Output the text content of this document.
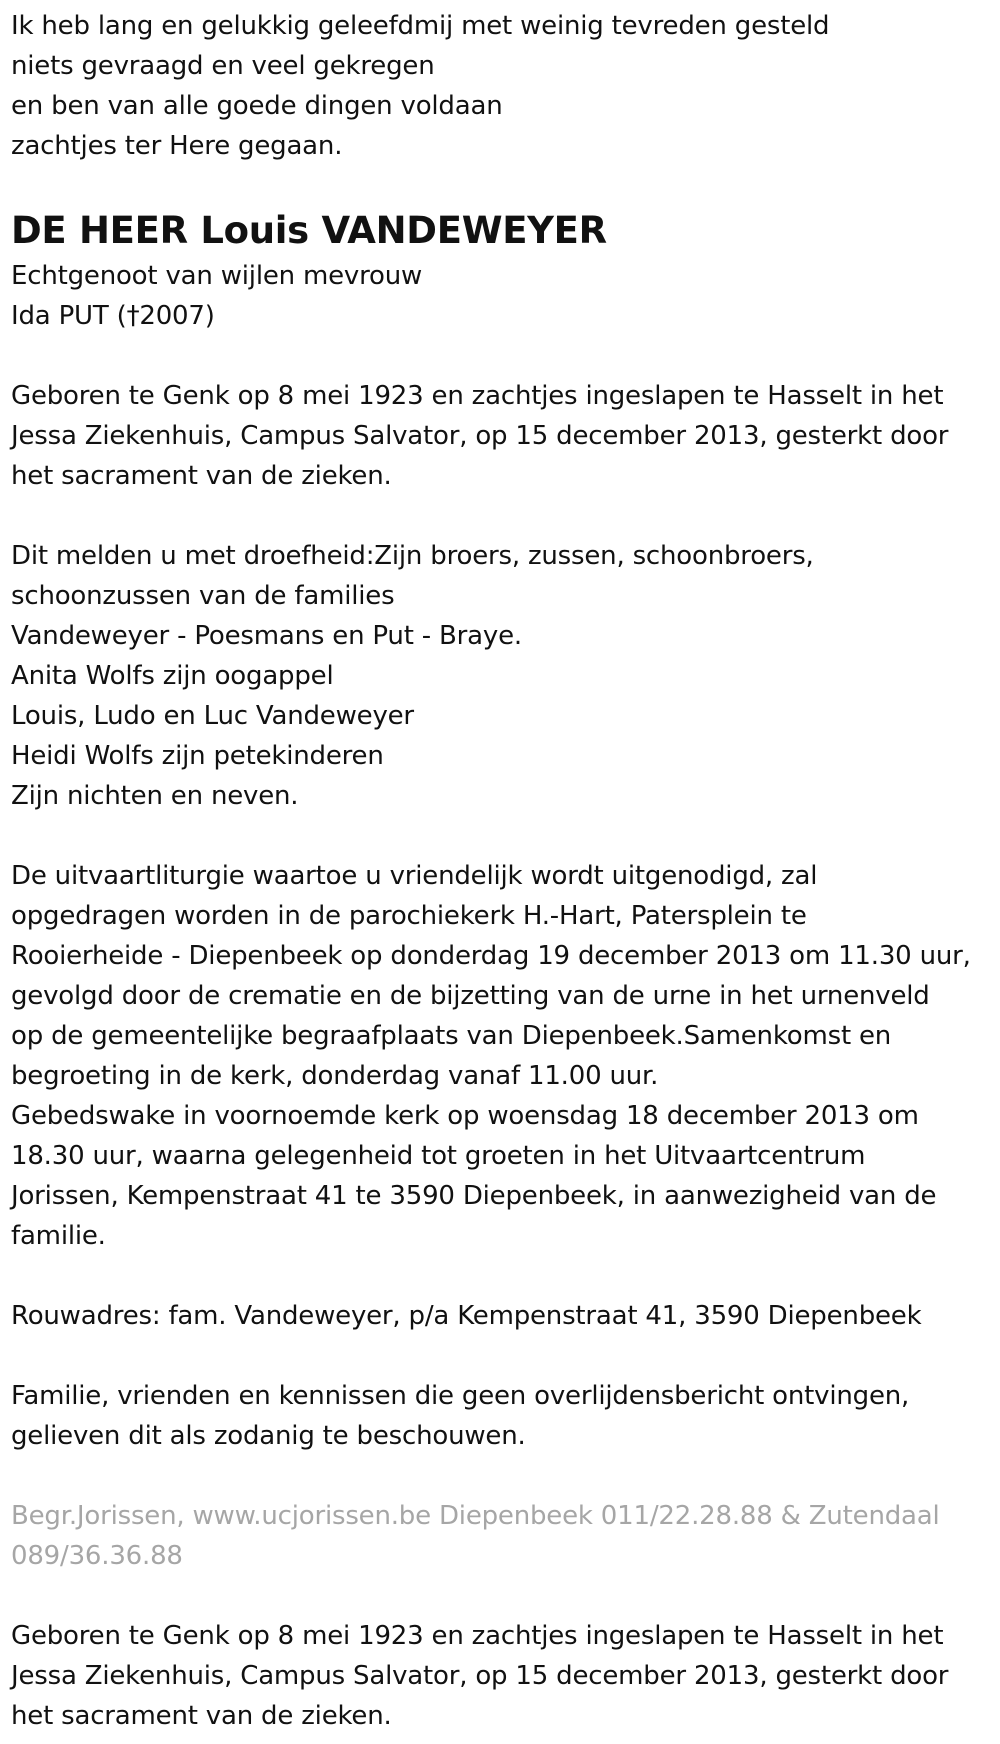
Ik heb lang en gelukkig geleefdmij met weinig tevreden gesteld
niets gevraagd en veel gekregen
en ben van alle goede dingen voldaan
zachtjes ter Here gegaan.
DE HEER Louis VANDEWEYER
Echtgenoot van wijlen mevrouw
Ida PUT (†2007)
Geboren te Genk op 8 mei 1923 en zachtjes ingeslapen te Hasselt in het
Jessa Ziekenhuis, Campus Salvator, op 15 december 2013, gesterkt door
het sacrament van de zieken.
Dit melden u met droefheid:Zijn broers, zussen, schoonbroers,
schoonzussen van de families
Vandeweyer - Poesmans en Put - Braye.
Anita Wolfs zijn oogappel
Louis, Ludo en Luc Vandeweyer
Heidi Wolfs zijn petekinderen
Zijn nichten en neven.
De uitvaartliturgie waartoe u vriendelijk wordt uitgenodigd, zal
opgedragen worden in de parochiekerk H.-Hart, Patersplein te
Rooierheide - Diepenbeek op donderdag 19 december 2013 om 11.30 uur,
gevolgd door de crematie en de bijzetting van de urne in het urnenveld
op de gemeentelijke begraafplaats van Diepenbeek.Samenkomst en
begroeting in de kerk, donderdag vanaf 11.00 uur.
Gebedswake in voornoemde kerk op woensdag 18 december 2013 om
18.30 uur, waarna gelegenheid tot groeten in het Uitvaartcentrum
Jorissen, Kempenstraat 41 te 3590 Diepenbeek, in aanwezigheid van de
familie.
Rouwadres: fam. Vandeweyer, p/a Kempenstraat 41, 3590 Diepenbeek
Familie, vrienden en kennissen die geen overlijdensbericht ontvingen,
gelieven dit als zodanig te beschouwen.
Begr.Jorissen, www.ucjorissen.be Diepenbeek 011/22.28.88 & Zutendaal
089/36.36.88
Geboren te Genk op 8 mei 1923 en zachtjes ingeslapen te Hasselt in het
Jessa Ziekenhuis, Campus Salvator, op 15 december 2013, gesterkt door
het sacrament van de zieken.
